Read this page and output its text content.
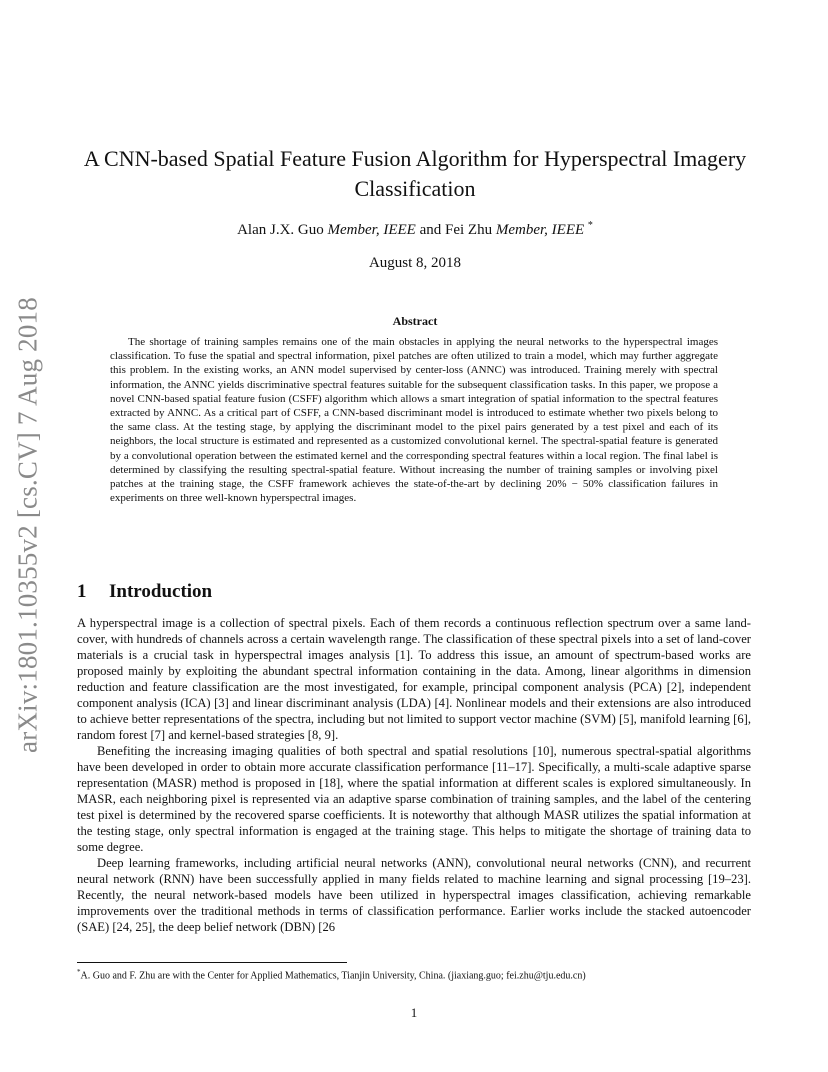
arXiv:1801.10355v2 [cs.CV] 7 Aug 2018
A CNN-based Spatial Feature Fusion Algorithm for Hyperspectral Imagery Classification
Alan J.X. Guo Member, IEEE and Fei Zhu Member, IEEE *
August 8, 2018
Abstract

The shortage of training samples remains one of the main obstacles in applying the neural networks to the hyperspectral images classification. To fuse the spatial and spectral information, pixel patches are often utilized to train a model, which may further aggregate this problem. In the existing works, an ANN model supervised by center-loss (ANNC) was introduced. Training merely with spectral information, the ANNC yields discriminative spectral features suitable for the subsequent classification tasks. In this paper, we propose a novel CNN-based spatial feature fusion (CSFF) algorithm which allows a smart integration of spatial information to the spectral features extracted by ANNC. As a critical part of CSFF, a CNN-based discriminant model is introduced to estimate whether two pixels belong to the same class. At the testing stage, by applying the discriminant model to the pixel pairs generated by a test pixel and each of its neighbors, the local structure is estimated and represented as a customized convolutional kernel. The spectral-spatial feature is generated by a convolutional operation between the estimated kernel and the corresponding spectral features within a local region. The final label is determined by classifying the resulting spectral-spatial feature. Without increasing the number of training samples or involving pixel patches at the training stage, the CSFF framework achieves the state-of-the-art by declining 20% − 50% classification failures in experiments on three well-known hyperspectral images.

1 Introduction

A hyperspectral image is a collection of spectral pixels. Each of them records a continuous reflection spectrum over a same land-cover, with hundreds of channels across a certain wavelength range. The classification of these spectral pixels into a set of land-cover materials is a crucial task in hyperspectral images analysis [1]. To address this issue, an amount of spectrum-based works are proposed mainly by exploiting the abundant spectral information containing in the data. Among, linear algorithms in dimension reduction and feature classification are the most investigated, for example, principal component analysis (PCA) [2], independent component analysis (ICA) [3] and linear discriminant analysis (LDA) [4]. Nonlinear models and their extensions are also introduced to achieve better representations of the spectra, including but not limited to support vector machine (SVM) [5], manifold learning [6], random forest [7] and kernel-based strategies [8, 9].

Benefiting the increasing imaging qualities of both spectral and spatial resolutions [10], numerous spectral-spatial algorithms have been developed in order to obtain more accurate classification performance [11–17]. Specifically, a multi-scale adaptive sparse representation (MASR) method is proposed in [18], where the spatial information at different scales is explored simultaneously. In MASR, each neighboring pixel is represented via an adaptive sparse combination of training samples, and the label of the centering test pixel is determined by the recovered sparse coefficients. It is noteworthy that although MASR utilizes the spatial information at the testing stage, only spectral information is engaged at the training stage. This helps to mitigate the shortage of training data to some degree.

Deep learning frameworks, including artificial neural networks (ANN), convolutional neural networks (CNN), and recurrent neural network (RNN) have been successfully applied in many fields related to machine learning and signal processing [19–23]. Recently, the neural network-based models have been utilized in hyperspectral images classification, achieving remarkable improvements over the traditional methods in terms of classification performance. Earlier works include the stacked autoencoder (SAE) [24, 25], the deep belief network (DBN) [26

*A. Guo and F. Zhu are with the Center for Applied Mathematics, Tianjin University, China. (jiaxiang.guo; fei.zhu@tju.edu.cn)
1
